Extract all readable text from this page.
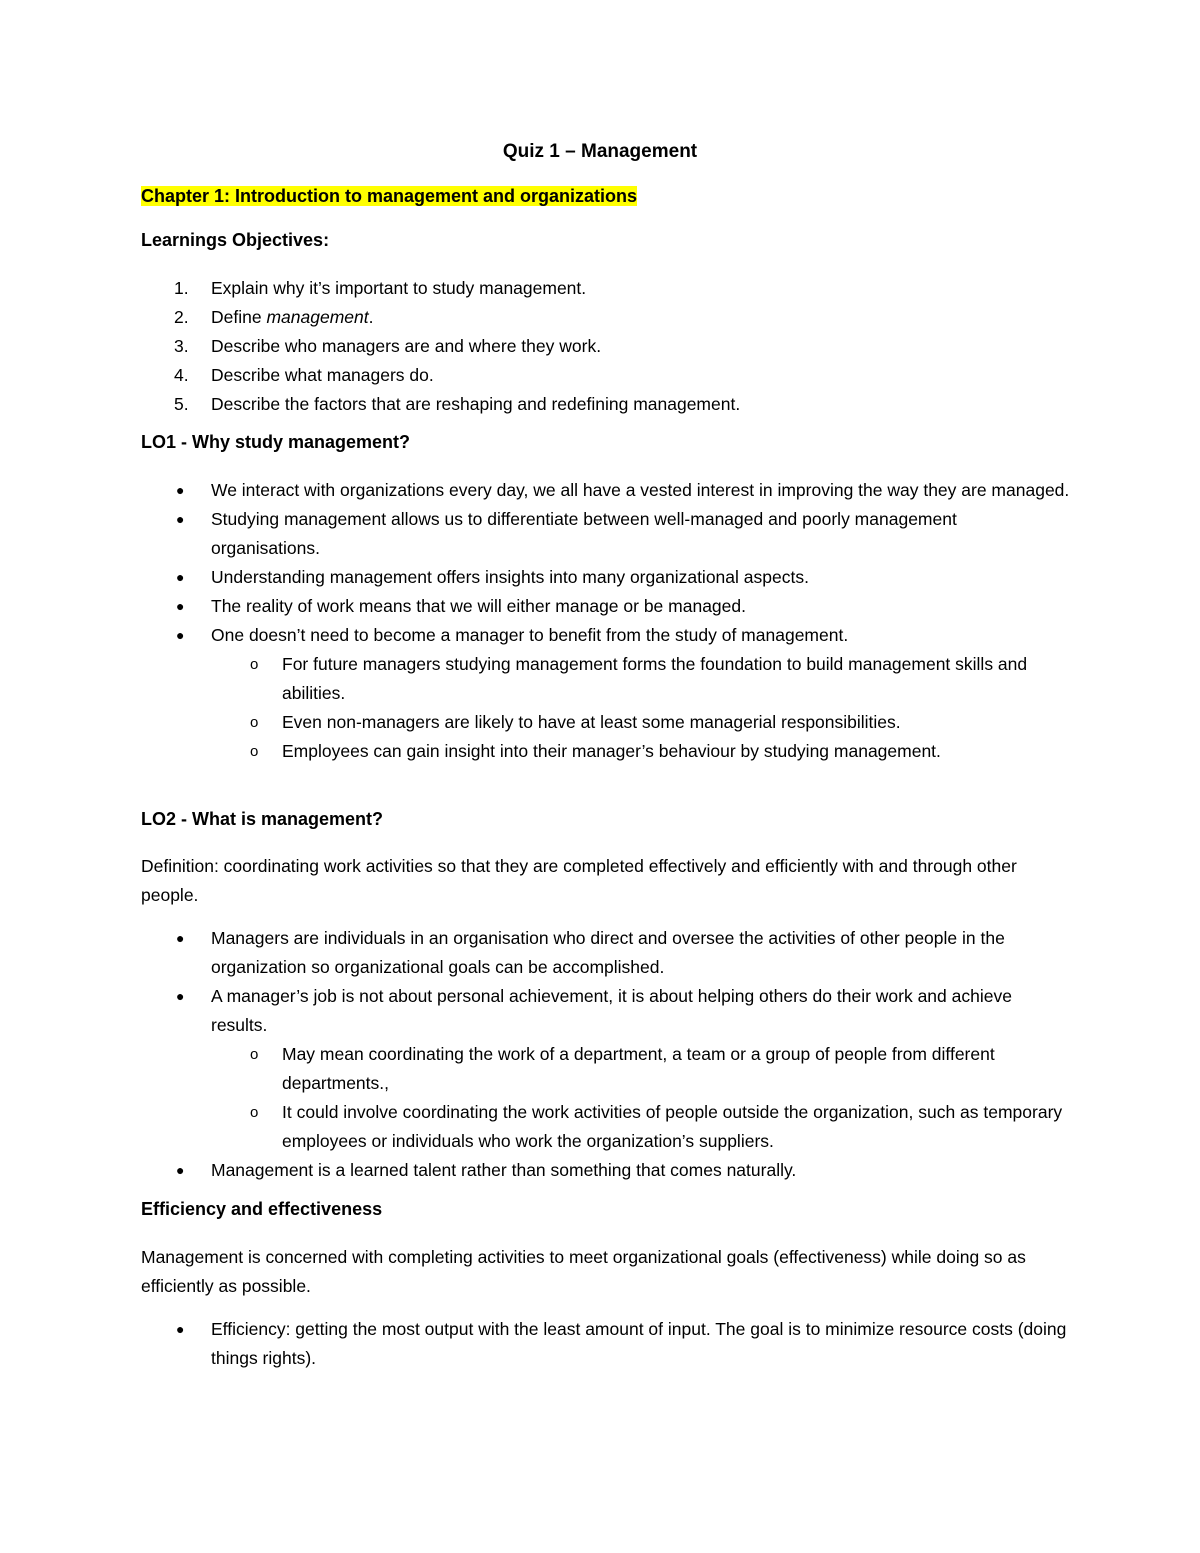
Quiz 1 – Management
Chapter 1: Introduction to management and organizations
Learnings Objectives:
1. Explain why it’s important to study management.
2. Define management.
3. Describe who managers are and where they work.
4. Describe what managers do.
5. Describe the factors that are reshaping and redefining management.
LO1 - Why study management?
● We interact with organizations every day, we all have a vested interest in improving the way they are managed.
● Studying management allows us to differentiate between well-managed and poorly management organisations.
● Understanding management offers insights into many organizational aspects.
● The reality of work means that we will either manage or be managed.
● One doesn’t need to become a manager to benefit from the study of management.
o For future managers studying management forms the foundation to build management skills and abilities.
o Even non-managers are likely to have at least some managerial responsibilities.
o Employees can gain insight into their manager’s behaviour by studying management.
LO2 - What is management?

Definition: coordinating work activities so that they are completed effectively and efficiently with and through other people.

● Managers are individuals in an organisation who direct and oversee the activities of other people in the organization so organizational goals can be accomplished.
● A manager’s job is not about personal achievement, it is about helping others do their work and achieve results.
o May mean coordinating the work of a department, a team or a group of people from different departments.,
o It could involve coordinating the work activities of people outside the organization, such as temporary employees or individuals who work the organization’s suppliers.
● Management is a learned talent rather than something that comes naturally.
Efficiency and effectiveness

Management is concerned with completing activities to meet organizational goals (effectiveness) while doing so as efficiently as possible.

● Efficiency: getting the most output with the least amount of input. The goal is to minimize resource costs (doing things rights).
